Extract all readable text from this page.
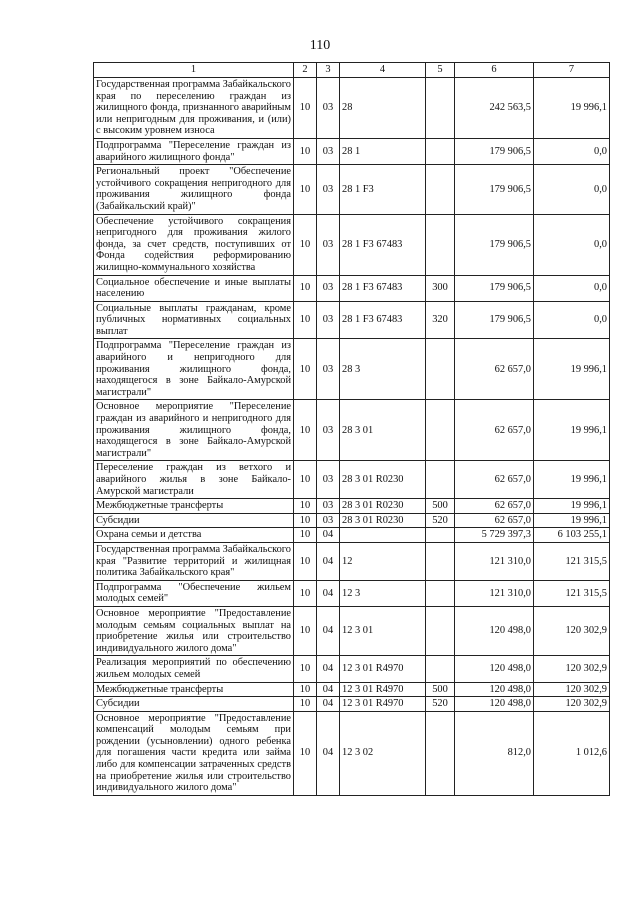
110
1	2	3	4	5	6	7
Государственная программа Забайкальского края по переселению граждан из жилищного фонда, признанного аварийным или непригодным для проживания, и (или) с высоким уровнем износа	10	03	28		242 563,5	19 996,1
Подпрограмма "Переселение граждан из аварийного жилищного фонда"	10	03	28 1		179 906,5	0,0
Региональный проект "Обеспечение устойчивого сокращения непригодного для проживания жилищного фонда (Забайкальский край)"	10	03	28 1 F3		179 906,5	0,0
Обеспечение устойчивого сокращения непригодного для проживания жилого фонда, за счет средств, поступивших от Фонда содействия реформированию жилищно-коммунального хозяйства	10	03	28 1 F3 67483		179 906,5	0,0
Социальное обеспечение и иные выплаты населению	10	03	28 1 F3 67483	300	179 906,5	0,0
Социальные выплаты гражданам, кроме публичных нормативных социальных выплат	10	03	28 1 F3 67483	320	179 906,5	0,0
Подпрограмма "Переселение граждан из аварийного и непригодного для проживания жилищного фонда, находящегося в зоне Байкало-Амурской магистрали"	10	03	28 3		62 657,0	19 996,1
Основное мероприятие "Переселение граждан из аварийного и непригодного для проживания жилищного фонда, находящегося в зоне Байкало-Амурской магистрали"	10	03	28 3 01		62 657,0	19 996,1
Переселение граждан из ветхого и аварийного жилья в зоне Байкало-Амурской магистрали	10	03	28 3 01 R0230		62 657,0	19 996,1
Межбюджетные трансферты	10	03	28 3 01 R0230	500	62 657,0	19 996,1
Субсидии	10	03	28 3 01 R0230	520	62 657,0	19 996,1
Охрана семьи и детства	10	04			5 729 397,3	6 103 255,1
Государственная программа Забайкальского края "Развитие территорий и жилищная политика Забайкальского края"	10	04	12		121 310,0	121 315,5
Подпрограмма "Обеспечение жильем молодых семей"	10	04	12 3		121 310,0	121 315,5
Основное мероприятие "Предоставление молодым семьям социальных выплат на приобретение жилья или строительство индивидуального жилого дома"	10	04	12 3 01		120 498,0	120 302,9
Реализация мероприятий по обеспечению жильем молодых семей	10	04	12 3 01 R4970		120 498,0	120 302,9
Межбюджетные трансферты	10	04	12 3 01 R4970	500	120 498,0	120 302,9
Субсидии	10	04	12 3 01 R4970	520	120 498,0	120 302,9
Основное мероприятие "Предоставление компенсаций молодым семьям при рождении (усыновлении) одного ребенка для погашения части кредита или займа либо для компенсации затраченных средств на приобретение жилья или строительство индивидуального жилого дома"	10	04	12 3 02		812,0	1 012,6
